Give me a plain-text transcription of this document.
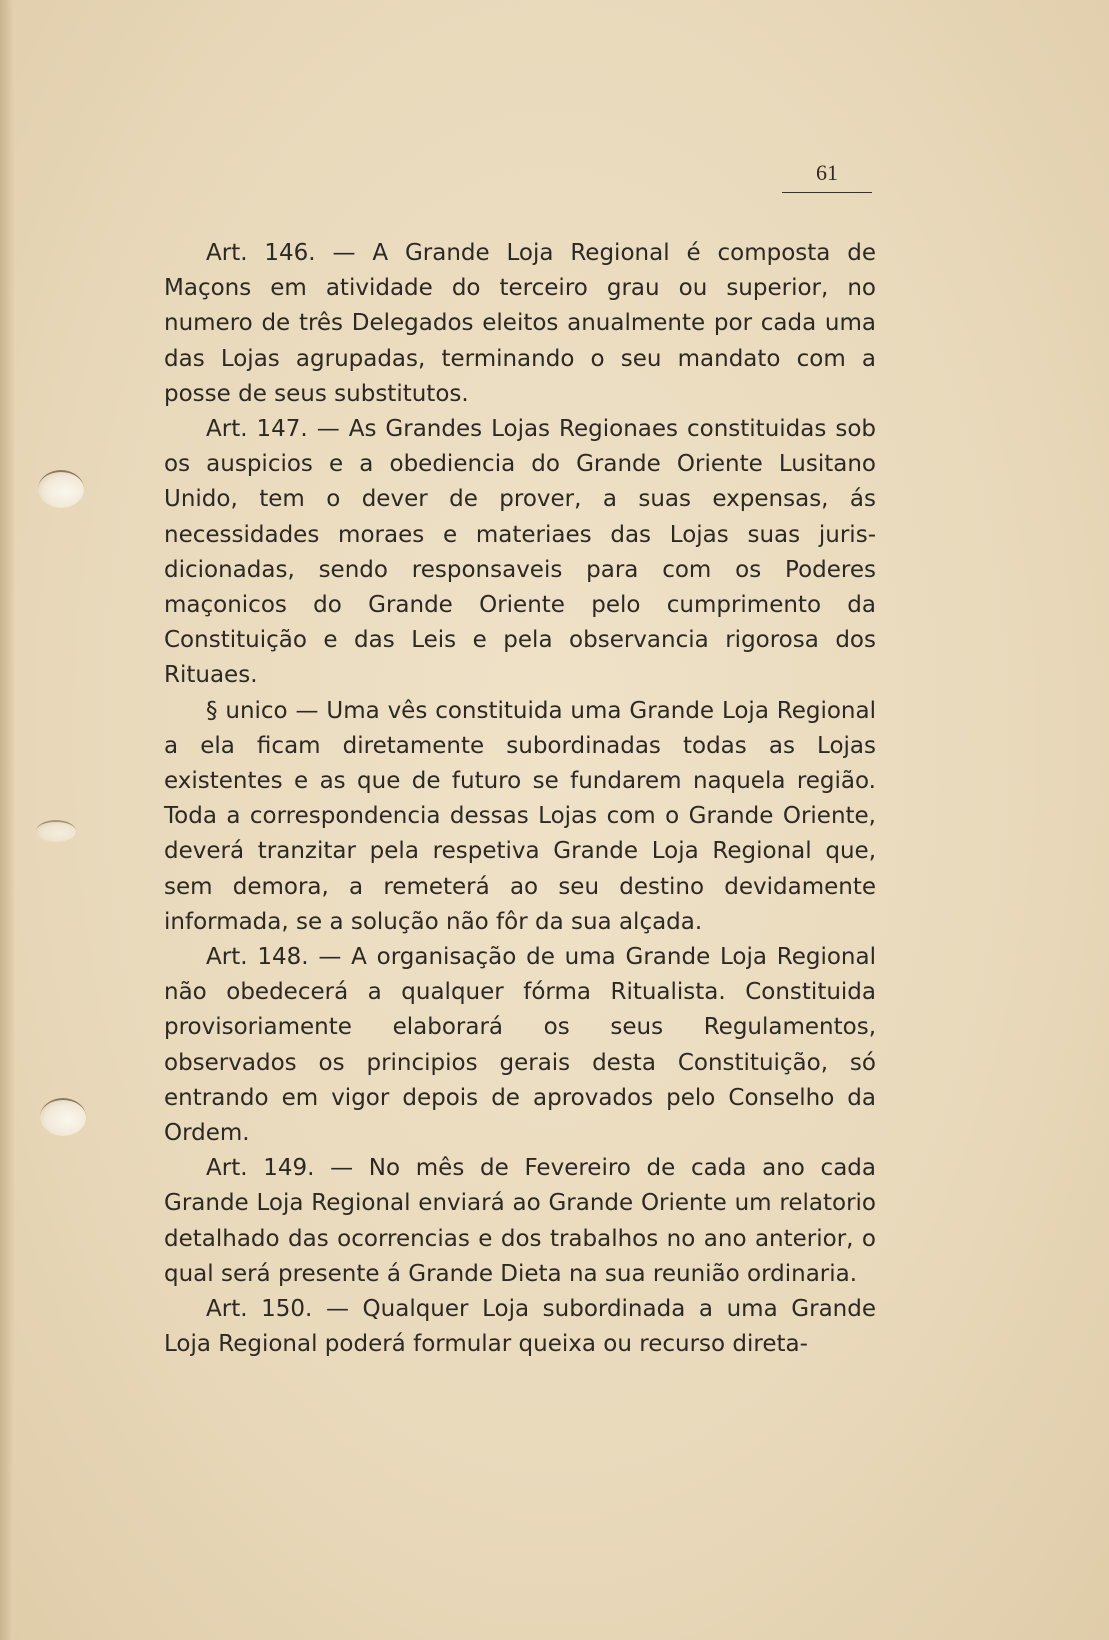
61

Art. 146. — A Grande Loja Regional é composta de Maçons em atividade do terceiro grau ou superior, no numero de três Delegados eleitos anualmente por cada uma das Lojas agrupadas, terminando o seu mandato com a posse de seus substitutos.

Art. 147. — As Grandes Lojas Regionaes constituidas sob os auspicios e a obediencia do Grande Oriente Lusitano Unido, tem o dever de prover, a suas expensas, ás necessidades moraes e materiaes das Lojas suas jurisdicionadas, sendo responsaveis para com os Poderes maçonicos do Grande Oriente pelo cumprimento da Constituição e das Leis e pela observancia rigorosa dos Rituaes.

§ unico — Uma vês constituida uma Grande Loja Regional a ela ficam diretamente subordinadas todas as Lojas existentes e as que de futuro se fundarem naquela região. Toda a correspondencia dessas Lojas com o Grande Oriente, deverá tranzitar pela respetiva Grande Loja Regional que, sem demora, a remeterá ao seu destino devidamente informada, se a solução não fôr da sua alçada.

Art. 148. — A organisação de uma Grande Loja Regional não obedecerá a qualquer fórma Ritualista. Constituida provisoriamente elaborará os seus Regulamentos, observados os principios gerais desta Constituição, só entrando em vigor depois de aprovados pelo Conselho da Ordem.

Art. 149. — No mês de Fevereiro de cada ano cada Grande Loja Regional enviará ao Grande Oriente um relatorio detalhado das ocorrencias e dos trabalhos no ano anterior, o qual será presente á Grande Dieta na sua reunião ordinaria.

Art. 150. — Qualquer Loja subordinada a uma Grande Loja Regional poderá formular queixa ou recurso direta-
